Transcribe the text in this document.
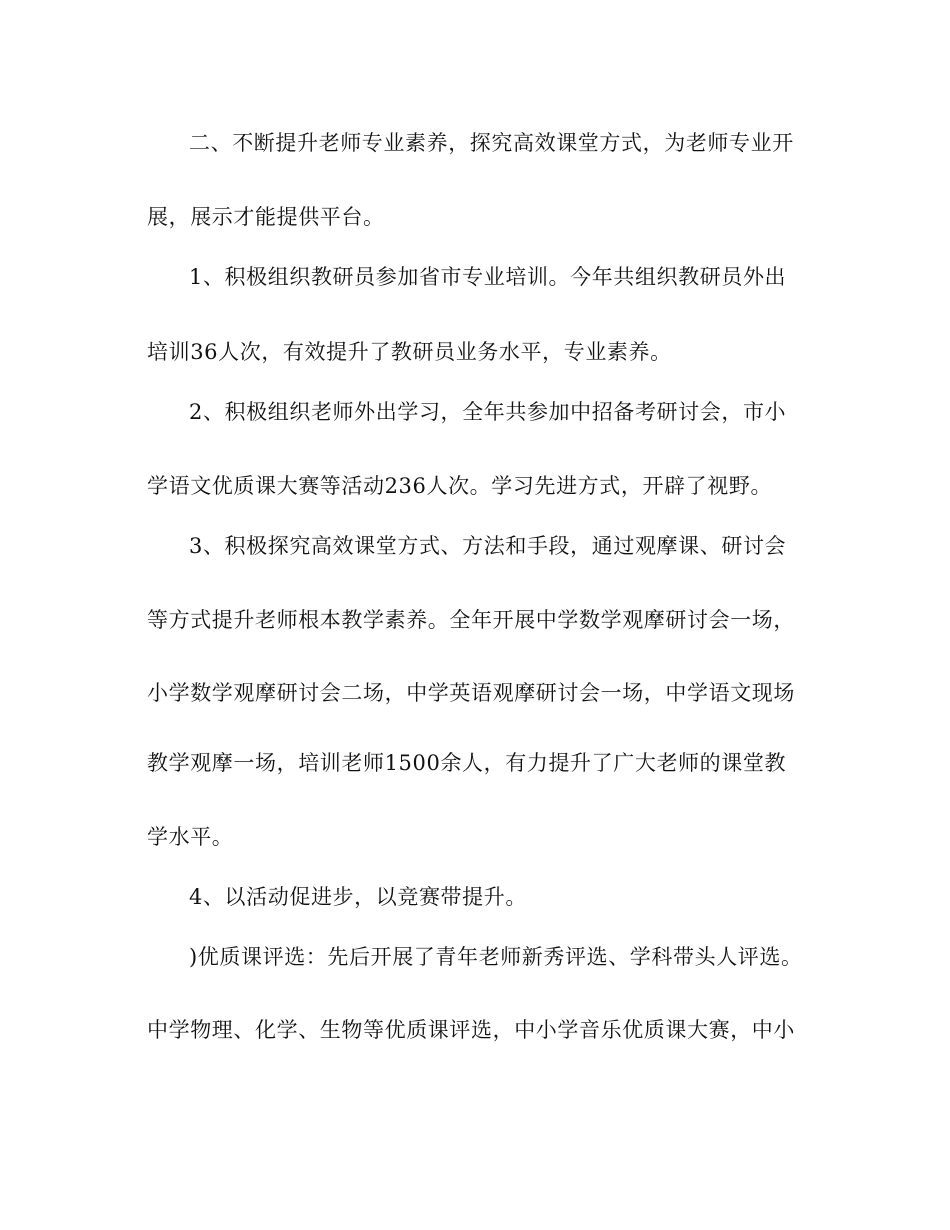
二、不断提升老师专业素养，探究高效课堂方式，为老师专业开
展，展示才能提供平台。
1、积极组织教研员参加省市专业培训。今年共组织教研员外出
培训36人次，有效提升了教研员业务水平，专业素养。
2、积极组织老师外出学习，全年共参加中招备考研讨会，市小
学语文优质课大赛等活动236人次。学习先进方式，开辟了视野。
3、积极探究高效课堂方式、方法和手段，通过观摩课、研讨会
等方式提升老师根本教学素养。全年开展中学数学观摩研讨会一场，
小学数学观摩研讨会二场，中学英语观摩研讨会一场，中学语文现场
教学观摩一场，培训老师1500余人，有力提升了广大老师的课堂教
学水平。
4、以活动促进步，以竞赛带提升。
)优质课评选：先后开展了青年老师新秀评选、学科带头人评选。
中学物理、化学、生物等优质课评选，中小学音乐优质课大赛，中小
